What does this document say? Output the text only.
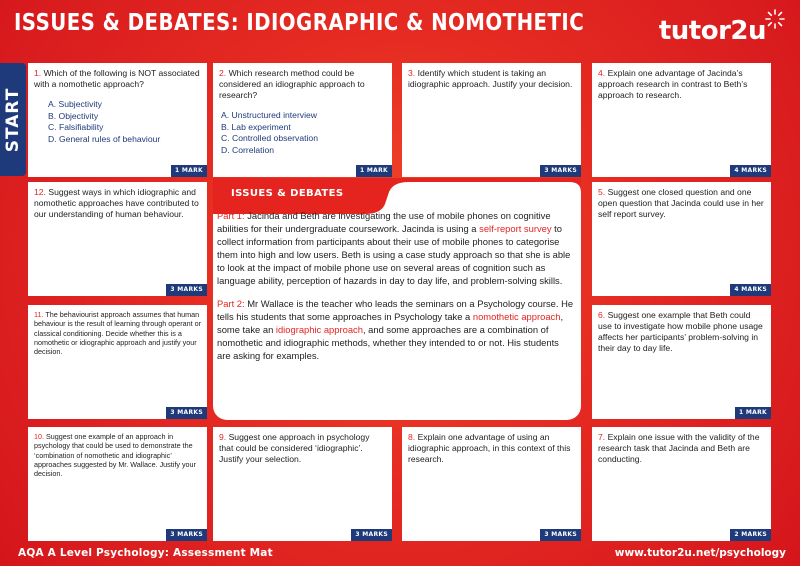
ISSUES & DEBATES: IDIOGRAPHIC & NOMOTHETIC	tutor2u
START
1. Which of the following is NOT associated with a nomothetic approach?
A. Subjectivity
B. Objectivity
C. Falsifiability
D. General rules of behaviour
1 MARK
2. Which research method could be considered an idiographic approach to research?
A. Unstructured interview
B. Lab experiment
C. Controlled observation
D. Correlation
1 MARK
3. Identify which student is taking an idiographic approach. Justify your decision.
3 MARKS
4. Explain one advantage of Jacinda’s approach research in contrast to Beth’s approach to research.
4 MARKS
12. Suggest ways in which idiographic and nomothetic approaches have contributed to our understanding of human behaviour.
3 MARKS
5. Suggest one closed question and one open question that Jacinda could use in her self report survey.
4 MARKS
11. The behaviourist approach assumes that human behaviour is the result of learning through operant or classical conditioning. Decide whether this is a nomothetic or idiographic approach and justify your decision.
3 MARKS
6. Suggest one example that Beth could use to investigate how mobile phone usage affects her participants’ problem-solving in their day to day life.
1 MARK
10. Suggest one example of an approach in psychology that could be used to demonstrate the ‘combination of nomothetic and idiographic’ approaches suggested by Mr. Wallace. Justify your decision.
3 MARKS
9. Suggest one approach in psychology that could be considered ‘idiographic’. Justify your selection.
3 MARKS
8. Explain one advantage of using an idiographic approach, in this context of this research.
3 MARKS
7. Explain one issue with the validity of the research task that Jacinda and Beth are conducting.
2 MARKS
ISSUES & DEBATES

Part 1: Jacinda and Beth are investigating the use of mobile phones on cognitive abilities for their undergraduate coursework. Jacinda is using a self-report survey to collect information from participants about their use of mobile phones to categorise them into high and low users. Beth is using a case study approach so that she is able to look at the impact of mobile phone use on several areas of cognition such as language ability, perception of hazards in day to day life, and problem-solving skills.

Part 2: Mr Wallace is the teacher who leads the seminars on a Psychology course. He tells his students that some approaches in Psychology take a nomothetic approach, some take an idiographic approach, and some approaches are a combination of nomothetic and idiographic methods, whether they intended to or not. His students are asking for examples.

AQA A Level Psychology: Assessment Mat	www.tutor2u.net/psychology
